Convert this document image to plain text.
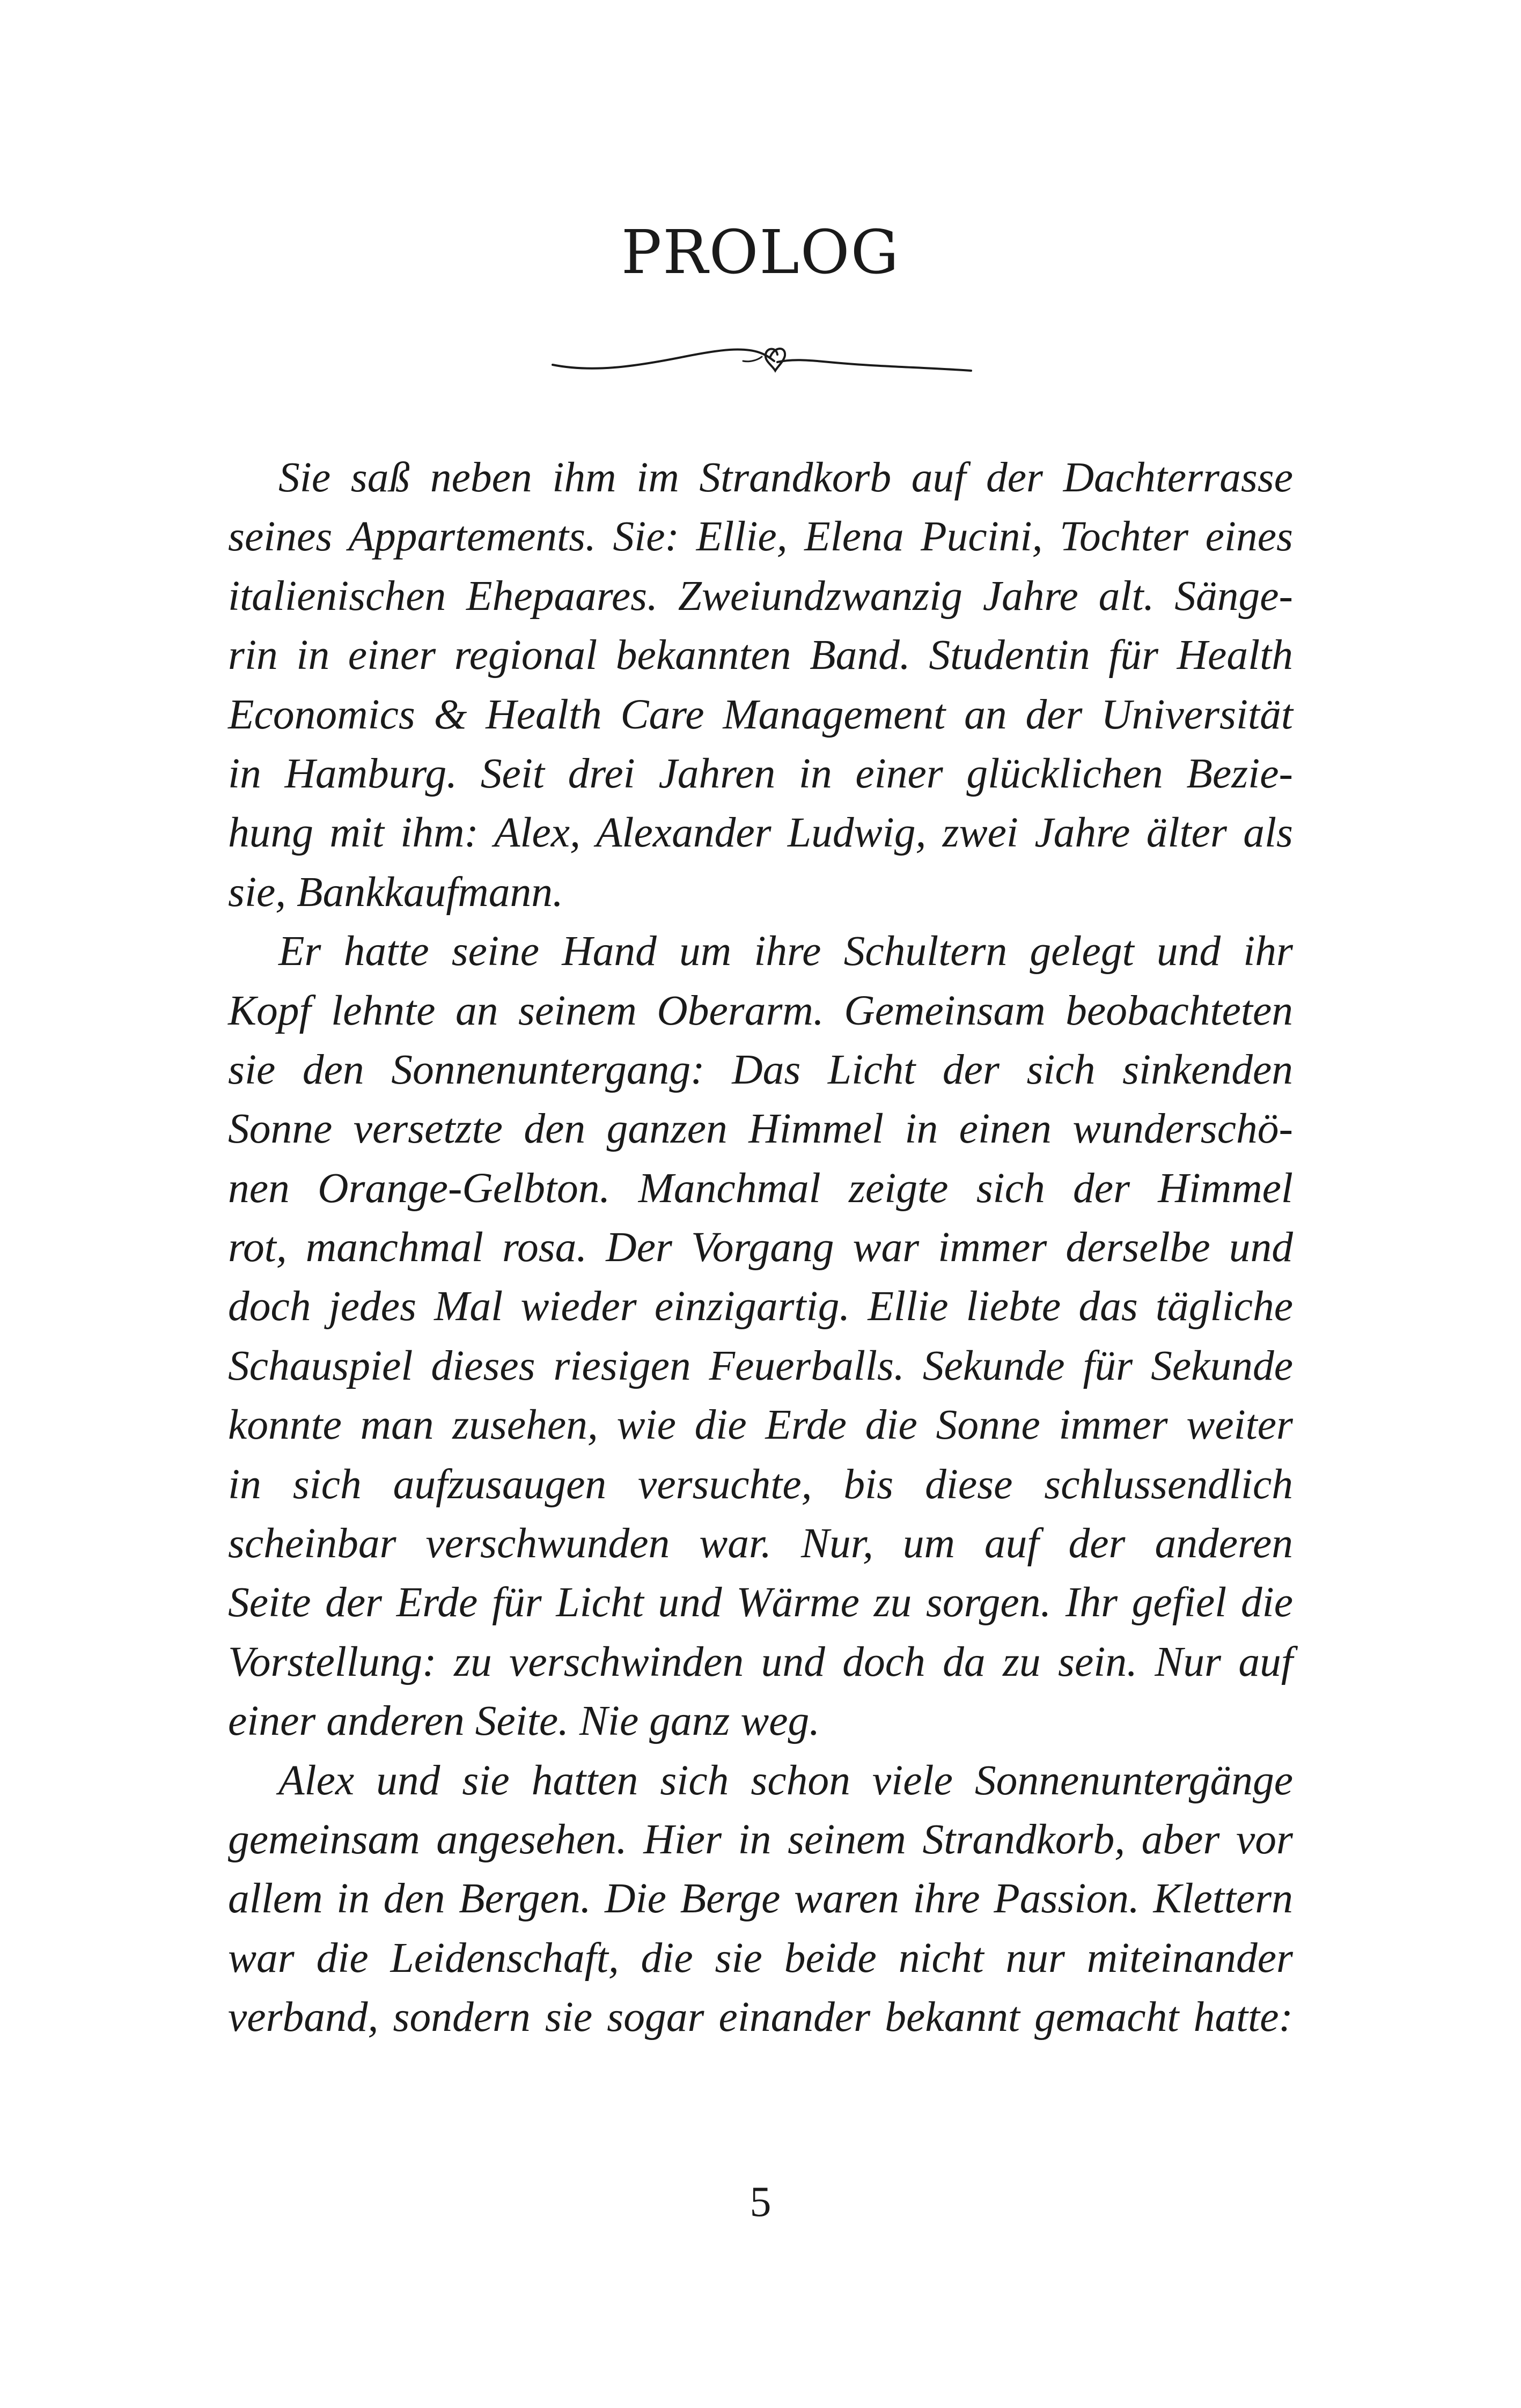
PROLOG
Sie saß neben ihm im Strandkorb auf der Dachterrasse
seines Appartements. Sie: Ellie, Elena Pucini, Tochter eines
italienischen Ehepaares. Zweiundzwanzig Jahre alt. Sänge-
rin in einer regional bekannten Band. Studentin für Health
Economics & Health Care Management an der Universität
in Hamburg. Seit drei Jahren in einer glücklichen Bezie-
hung mit ihm: Alex, Alexander Ludwig, zwei Jahre älter als
sie, Bankkaufmann.
Er hatte seine Hand um ihre Schultern gelegt und ihr
Kopf lehnte an seinem Oberarm. Gemeinsam beobachteten
sie den Sonnenuntergang: Das Licht der sich sinkenden
Sonne versetzte den ganzen Himmel in einen wunderschö-
nen Orange-Gelbton. Manchmal zeigte sich der Himmel
rot, manchmal rosa. Der Vorgang war immer derselbe und
doch jedes Mal wieder einzigartig. Ellie liebte das tägliche
Schauspiel dieses riesigen Feuerballs. Sekunde für Sekunde
konnte man zusehen, wie die Erde die Sonne immer weiter
in sich aufzusaugen versuchte, bis diese schlussendlich
scheinbar verschwunden war. Nur, um auf der anderen
Seite der Erde für Licht und Wärme zu sorgen. Ihr gefiel die
Vorstellung: zu verschwinden und doch da zu sein. Nur auf
einer anderen Seite. Nie ganz weg.
Alex und sie hatten sich schon viele Sonnenuntergänge
gemeinsam angesehen. Hier in seinem Strandkorb, aber vor
allem in den Bergen. Die Berge waren ihre Passion. Klettern
war die Leidenschaft, die sie beide nicht nur miteinander
verband, sondern sie sogar einander bekannt gemacht hatte:
5
